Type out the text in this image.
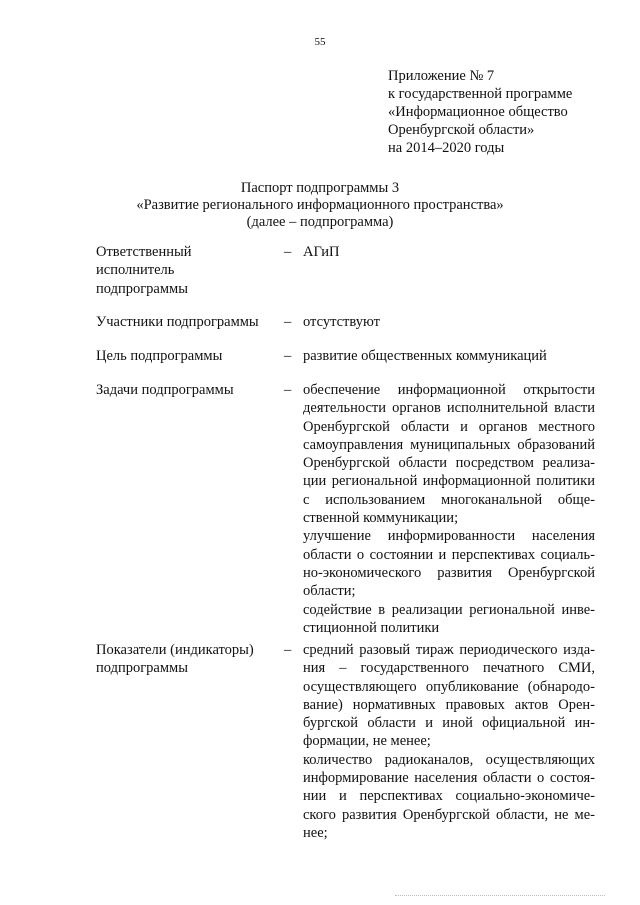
55
Приложение № 7
к государственной программе
«Информационное общество
Оренбургской области»
на 2014–2020 годы
Паспорт подпрограммы 3
«Развитие регионального информационного пространства»
(далее – подпрограмма)
Ответственный
исполнитель
подпрограммы
– АГиП
Участники подпрограммы	– отсутствуют
Цель подпрограммы	– развитие общественных коммуникаций
Задачи подпрограммы	– обеспечение информационной открытости
деятельности органов исполнительной власти
Оренбургской области и органов местного
самоуправления муниципальных образований
Оренбургской области посредством реализа-
ции региональной информационной политики
с использованием многоканальной обще-
ственной коммуникации;
улучшение информированности населения
области о состоянии и перспективах социаль-
но-экономического развития Оренбургской
области;
содействие в реализации региональной инве-
стиционной политики
Показатели (индикаторы)
подпрограммы
– средний разовый тираж периодического изда-
ния – государственного печатного СМИ,
осуществляющего опубликование (обнародо-
вание) нормативных правовых актов Орен-
бургской области и иной официальной ин-
формации, не менее;
количество радиоканалов, осуществляющих
информирование населения области о состоя-
нии и перспективах социально-экономиче-
ского развития Оренбургской области, не ме-
нее;
